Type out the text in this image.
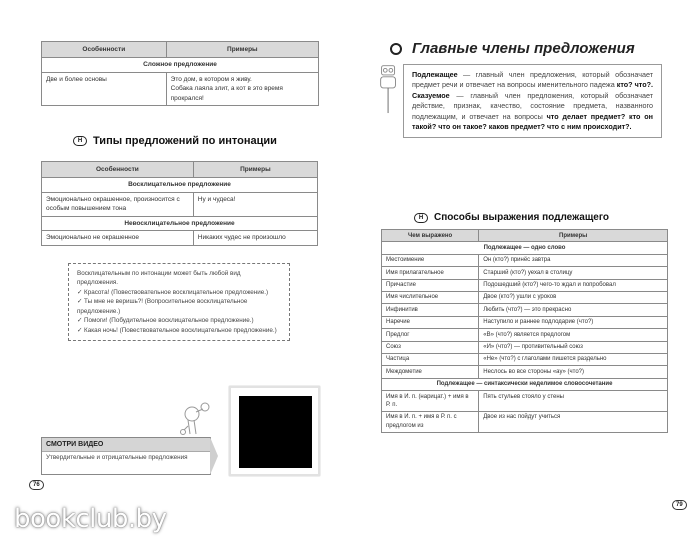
Особенности	Примеры
Сложное предложение	
Две и более основы	Это дом, в котором я живу.
Собака лаяла злит, а кот в это время прокрался!
Н Типы предложений по интонации
Особенности	Примеры
Восклицательное предложение	
Эмоционально окрашенное, произносится с особым повышением тона	Ну и чудеса!
Невосклицательное предложение	
Эмоционально не окрашенное	Никаких чудес не произошло

Восклицательным по интонации может быть любой вид предложения.

✓ Красота! (Повествовательное восклицательное предложение.)
✓ Ты мне не веришь?! (Вопросительное восклицательное предложение.)
✓ Помоги! (Побудительное восклицательное предложение.)
✓ Какая ночь! (Повествовательное восклицательное предложение.)
СМОТРИ ВИДЕО
Утвердительные и отрицательные предложения
76
Главные члены предложения
Подлежащее — главный член предложения, который обозначает предмет речи и отвечает на вопросы именительного падежа кто? что?. Сказуемое — главный член предложения, который обозначает действие, признак, качество, состояние предмета, названного подлежащим, и отвечает на вопросы что делает предмет? кто он такой? что он такое? каков предмет? что с ним происходит?.
Н	Способы выражения подлежащего
Чем выражено	Примеры
Подлежащее — одно слово	
Местоимение	Он (кто?) принёс завтра
Имя прилагательное	Старший (кто?) уехал в столицу
Причастие	Подошедший (кто?) чего-то ждал и попробовал
Имя числительное	Двое (кто?) ушли с уроков
Инфинитив	Любить (что?) — это прекрасно
Наречие	Наступило и раннее подлодарие (что?)
Предлог	«В» (что?) является предлогом
Союз	«И» (что?) — противительный союз
Частица	«Не» (что?) с глаголами пишется раздельно
Междометие	Неслось во все стороны «ау» (что?)
Подлежащее — синтаксически неделимое словосочетание	
Имя в И. п. (нарицат.) + имя в Р. п.	Пять стульев стояло у стены
Имя в И. п. + имя в Р. п. с предлогом из	Двое из нас пойдут учиться
79
bookclub.by
